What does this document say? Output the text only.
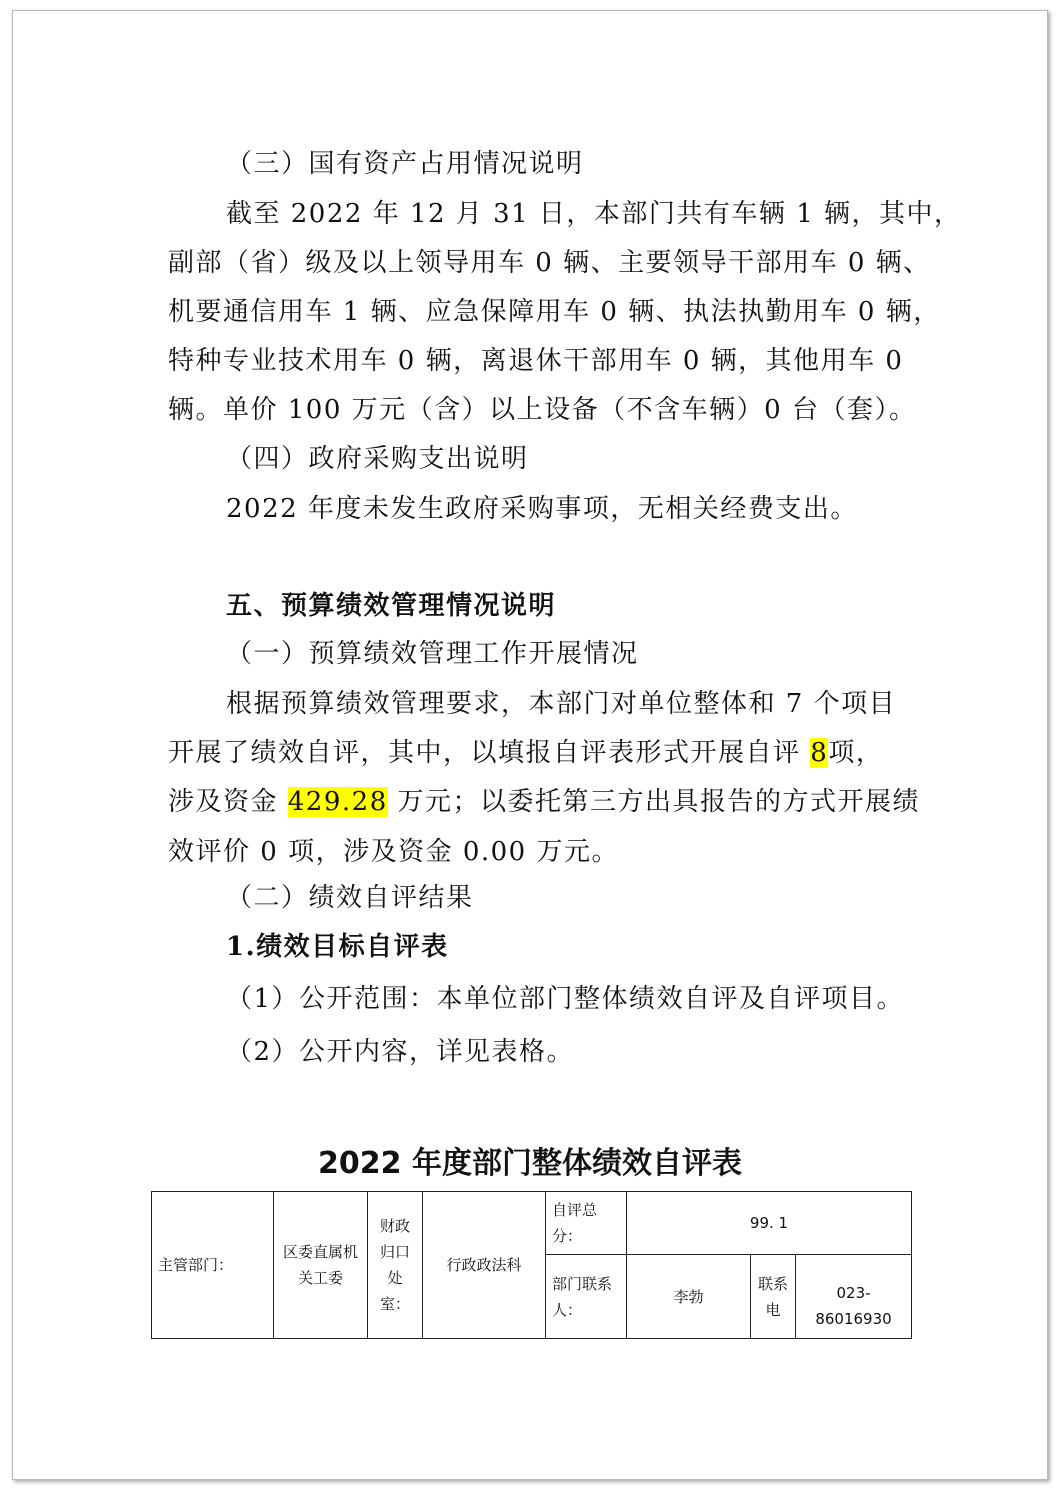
（三）国有资产占用情况说明
截至 2022 年 12 月 31 日，本部门共有车辆 1 辆，其中，
副部（省）级及以上领导用车 0 辆、主要领导干部用车 0 辆、
机要通信用车 1 辆、应急保障用车 0 辆、执法执勤用车 0 辆，
特种专业技术用车 0 辆，离退休干部用车 0 辆，其他用车 0
辆。单价 100 万元（含）以上设备（不含车辆）0 台（套）。
（四）政府采购支出说明
2022 年度未发生政府采购事项，无相关经费支出。
五、预算绩效管理情况说明
（一）预算绩效管理工作开展情况
根据预算绩效管理要求，本部门对单位整体和 7 个项目
开展了绩效自评，其中，以填报自评表形式开展自评 8项，
涉及资金 429.28 万元；以委托第三方出具报告的方式开展绩
效评价 0 项，涉及资金 0.00 万元。
（二）绩效自评结果
1.绩效目标自评表
（1）公开范围：本单位部门整体绩效自评及自评项目。
（2）公开内容，详见表格。
2022 年度部门整体绩效自评表
主管部门：	区委直属机关工委	财政归口处室：	行政政法科	自评总分：	99. 1		
				部门联系人：	李勃	联系电	023-86016930
